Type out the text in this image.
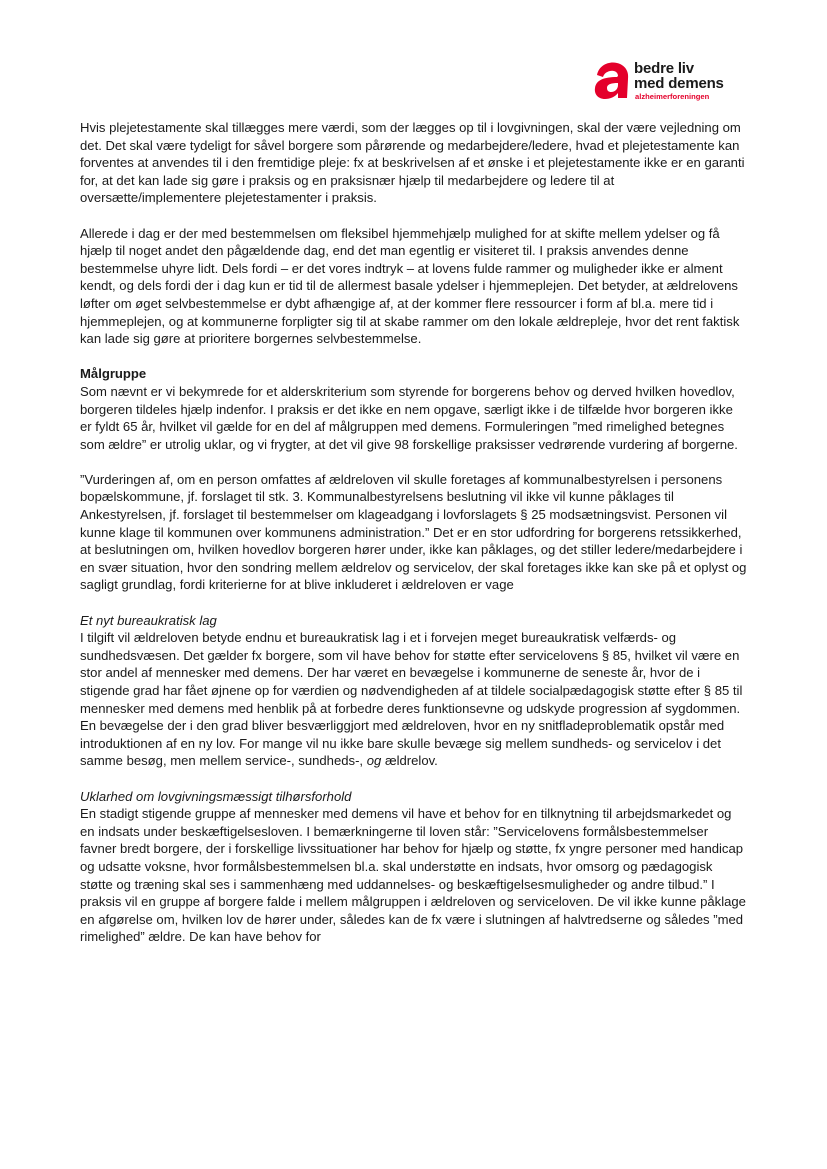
bedre liv
med demens
alzheimerforeningen

Hvis plejetestamente skal tillægges mere værdi, som der lægges op til i lovgivningen, skal der være vejledning om det. Det skal være tydeligt for såvel borgere som pårørende og medarbejdere/ledere, hvad et plejetestamente kan forventes at anvendes til i den fremtidige pleje: fx at beskrivelsen af et ønske i et plejetestamente ikke er en garanti for, at det kan lade sig gøre i praksis og en praksisnær hjælp til medarbejdere og ledere til at oversætte/implementere plejetestamenter i praksis.

Allerede i dag er der med bestemmelsen om fleksibel hjemmehjælp mulighed for at skifte mellem ydelser og få hjælp til noget andet den pågældende dag, end det man egentlig er visiteret til. I praksis anvendes denne bestemmelse uhyre lidt. Dels fordi – er det vores indtryk – at lovens fulde rammer og muligheder ikke er alment kendt, og dels fordi der i dag kun er tid til de allermest basale ydelser i hjemmeplejen. Det betyder, at ældrelovens løfter om øget selvbestemmelse er dybt afhængige af, at der kommer flere ressourcer i form af bl.a. mere tid i hjemmeplejen, og at kommunerne forpligter sig til at skabe rammer om den lokale ældrepleje, hvor det rent faktisk kan lade sig gøre at prioritere borgernes selvbestemmelse.

Målgruppe

Som nævnt er vi bekymrede for et alderskriterium som styrende for borgerens behov og derved hvilken hovedlov, borgeren tildeles hjælp indenfor. I praksis er det ikke en nem opgave, særligt ikke i de tilfælde hvor borgeren ikke er fyldt 65 år, hvilket vil gælde for en del af målgruppen med demens. Formuleringen ”med rimelighed betegnes som ældre” er utrolig uklar, og vi frygter, at det vil give 98 forskellige praksisser vedrørende vurdering af borgerne.

”Vurderingen af, om en person omfattes af ældreloven vil skulle foretages af kommunalbestyrelsen i personens bopælskommune, jf. forslaget til stk. 3. Kommunalbestyrelsens beslutning vil ikke vil kunne påklages til Ankestyrelsen, jf. forslaget til bestemmelser om klageadgang i lovforslagets § 25 modsætningsvist. Personen vil kunne klage til kommunen over kommunens administration.” Det er en stor udfordring for borgerens retssikkerhed, at beslutningen om, hvilken hovedlov borgeren hører under, ikke kan påklages, og det stiller ledere/medarbejdere i en svær situation, hvor den sondring mellem ældrelov og servicelov, der skal foretages ikke kan ske på et oplyst og sagligt grundlag, fordi kriterierne for at blive inkluderet i ældreloven er vage

Et nyt bureaukratisk lag

I tilgift vil ældreloven betyde endnu et bureaukratisk lag i et i forvejen meget bureaukratisk velfærds- og sundhedsvæsen. Det gælder fx borgere, som vil have behov for støtte efter servicelovens § 85, hvilket vil være en stor andel af mennesker med demens. Der har været en bevægelse i kommunerne de seneste år, hvor de i stigende grad har fået øjnene op for værdien og nødvendigheden af at tildele socialpædagogisk støtte efter § 85 til mennesker med demens med henblik på at forbedre deres funktionsevne og udskyde progression af sygdommen. En bevægelse der i den grad bliver besværliggjort med ældreloven, hvor en ny snitfladeproblematik opstår med introduktionen af en ny lov. For mange vil nu ikke bare skulle bevæge sig mellem sundheds- og servicelov i det samme besøg, men mellem service-, sundheds-, og ældrelov.

Uklarhed om lovgivningsmæssigt tilhørsforhold

En stadigt stigende gruppe af mennesker med demens vil have et behov for en tilknytning til arbejdsmarkedet og en indsats under beskæftigelsesloven. I bemærkningerne til loven står: ”Servicelovens formålsbestemmelser favner bredt borgere, der i forskellige livssituationer har behov for hjælp og støtte, fx yngre personer med handicap og udsatte voksne, hvor formålsbestemmelsen bl.a. skal understøtte en indsats, hvor omsorg og pædagogisk støtte og træning skal ses i sammenhæng med uddannelses- og beskæftigelsesmuligheder og andre tilbud.” I praksis vil en gruppe af borgere falde i mellem målgruppen i ældreloven og serviceloven. De vil ikke kunne påklage en afgørelse om, hvilken lov de hører under, således kan de fx være i slutningen af halvtredserne og således ”med rimelighed” ældre. De kan have behov for
